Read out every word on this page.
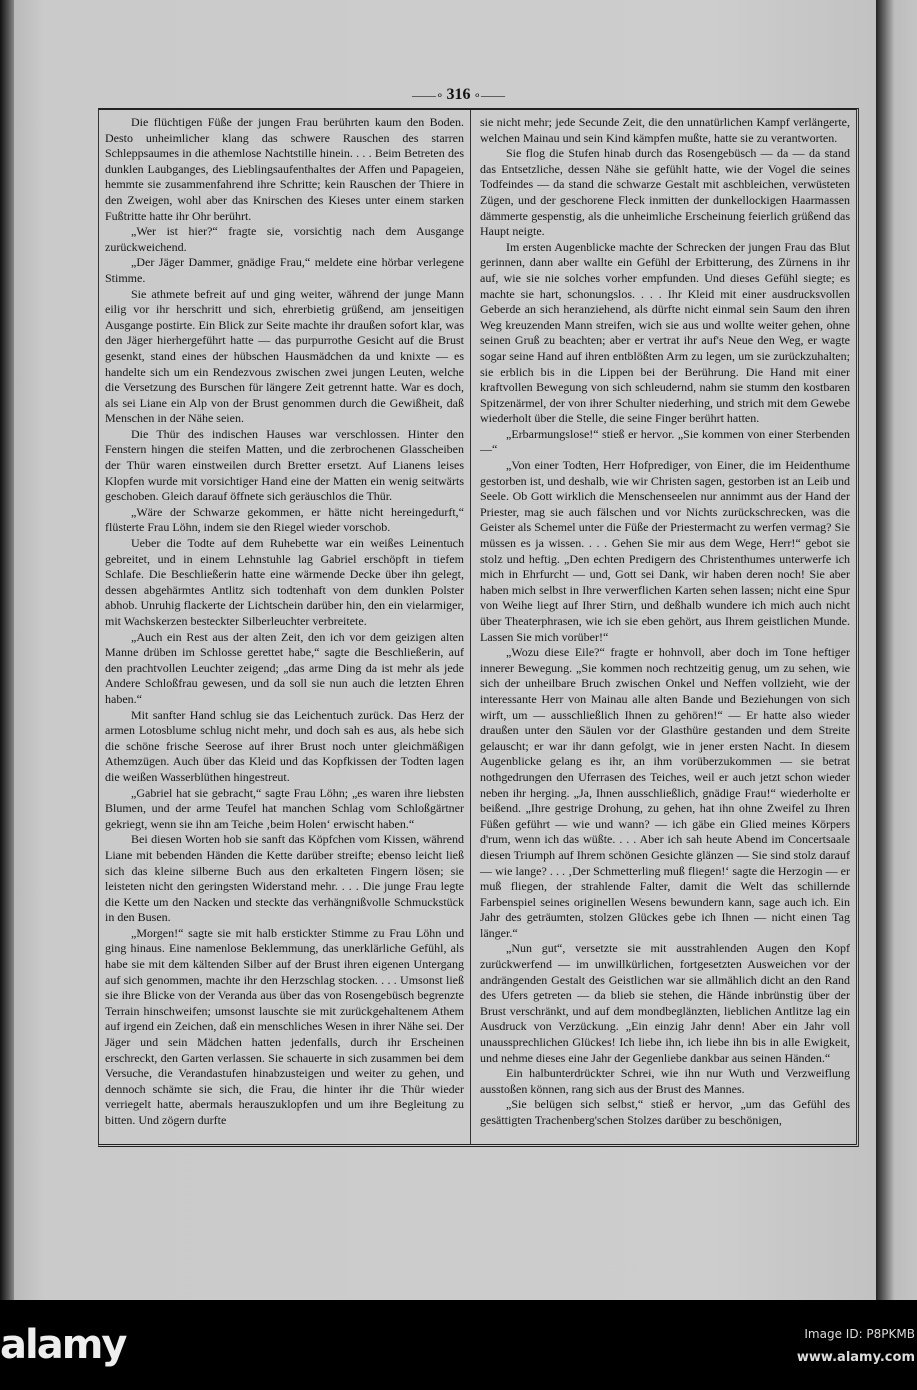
——∘ 316 ∘——

Die flüchtigen Füße der jungen Frau berührten kaum den Boden. Desto unheimlicher klang das schwere Rauschen des starren Schleppsaumes in die athemlose Nachtstille hinein. . . . Beim Betreten des dunklen Laubganges, des Lieblingsaufenthaltes der Affen und Papageien, hemmte sie zusammenfahrend ihre Schritte; kein Rauschen der Thiere in den Zweigen, wohl aber das Knirschen des Kieses unter einem starken Fußtritte hatte ihr Ohr berührt.

„Wer ist hier?“ fragte sie, vorsichtig nach dem Ausgange zurückweichend.

„Der Jäger Dammer, gnädige Frau,“ meldete eine hörbar verlegene Stimme.

Sie athmete befreit auf und ging weiter, während der junge Mann eilig vor ihr herschritt und sich, ehrerbietig grüßend, am jenseitigen Ausgange postirte. Ein Blick zur Seite machte ihr draußen sofort klar, was den Jäger hierhergeführt hatte — das purpurrothe Gesicht auf die Brust gesenkt, stand eines der hübschen Hausmädchen da und knixte — es handelte sich um ein Rendezvous zwischen zwei jungen Leuten, welche die Versetzung des Burschen für längere Zeit getrennt hatte. War es doch, als sei Liane ein Alp von der Brust genommen durch die Gewißheit, daß Menschen in der Nähe seien.

Die Thür des indischen Hauses war verschlossen. Hinter den Fenstern hingen die steifen Matten, und die zerbrochenen Glasscheiben der Thür waren einstweilen durch Bretter ersetzt. Auf Lianens leises Klopfen wurde mit vorsichtiger Hand eine der Matten ein wenig seitwärts geschoben. Gleich darauf öffnete sich geräuschlos die Thür.

„Wäre der Schwarze gekommen, er hätte nicht hereingedurft,“ flüsterte Frau Löhn, indem sie den Riegel wieder vorschob.

Ueber die Todte auf dem Ruhebette war ein weißes Leinentuch gebreitet, und in einem Lehnstuhle lag Gabriel erschöpft in tiefem Schlafe. Die Beschließerin hatte eine wärmende Decke über ihn gelegt, dessen abgehärmtes Antlitz sich todtenhaft von dem dunklen Polster abhob. Unruhig flackerte der Lichtschein darüber hin, den ein vielarmiger, mit Wachskerzen besteckter Silberleuchter verbreitete.

„Auch ein Rest aus der alten Zeit, den ich vor dem geizigen alten Manne drüben im Schlosse gerettet habe,“ sagte die Beschließerin, auf den prachtvollen Leuchter zeigend; „das arme Ding da ist mehr als jede Andere Schloßfrau gewesen, und da soll sie nun auch die letzten Ehren haben.“

Mit sanfter Hand schlug sie das Leichentuch zurück. Das Herz der armen Lotosblume schlug nicht mehr, und doch sah es aus, als hebe sich die schöne frische Seerose auf ihrer Brust noch unter gleichmäßigen Athemzügen. Auch über das Kleid und das Kopfkissen der Todten lagen die weißen Wasserblüthen hingestreut.

„Gabriel hat sie gebracht,“ sagte Frau Löhn; „es waren ihre liebsten Blumen, und der arme Teufel hat manchen Schlag vom Schloßgärtner gekriegt, wenn sie ihn am Teiche ‚beim Holen‘ erwischt haben.“

Bei diesen Worten hob sie sanft das Köpfchen vom Kissen, während Liane mit bebenden Händen die Kette darüber streifte; ebenso leicht ließ sich das kleine silberne Buch aus den erkalteten Fingern lösen; sie leisteten nicht den geringsten Widerstand mehr. . . . Die junge Frau legte die Kette um den Nacken und steckte das verhängnißvolle Schmuckstück in den Busen.

„Morgen!“ sagte sie mit halb erstickter Stimme zu Frau Löhn und ging hinaus. Eine namenlose Beklemmung, das unerklärliche Gefühl, als habe sie mit dem kältenden Silber auf der Brust ihren eigenen Untergang auf sich genommen, machte ihr den Herzschlag stocken. . . . Umsonst ließ sie ihre Blicke von der Veranda aus über das von Rosengebüsch begrenzte Terrain hinschweifen; umsonst lauschte sie mit zurückgehaltenem Athem auf irgend ein Zeichen, daß ein menschliches Wesen in ihrer Nähe sei. Der Jäger und sein Mädchen hatten jedenfalls, durch ihr Erscheinen erschreckt, den Garten verlassen. Sie schauerte in sich zusammen bei dem Versuche, die Verandastufen hinabzusteigen und weiter zu gehen, und dennoch schämte sie sich, die Frau, die hinter ihr die Thür wieder verriegelt hatte, abermals herauszuklopfen und um ihre Begleitung zu bitten. Und zögern durfte

sie nicht mehr; jede Secunde Zeit, die den unnatürlichen Kampf verlängerte, welchen Mainau und sein Kind kämpfen mußte, hatte sie zu verantworten.

Sie flog die Stufen hinab durch das Rosengebüsch — da — da stand das Entsetzliche, dessen Nähe sie gefühlt hatte, wie der Vogel die seines Todfeindes — da stand die schwarze Gestalt mit aschbleichen, verwüsteten Zügen, und der geschorene Fleck inmitten der dunkellockigen Haarmassen dämmerte gespenstig, als die unheimliche Erscheinung feierlich grüßend das Haupt neigte.

Im ersten Augenblicke machte der Schrecken der jungen Frau das Blut gerinnen, dann aber wallte ein Gefühl der Erbitterung, des Zürnens in ihr auf, wie sie nie solches vorher empfunden. Und dieses Gefühl siegte; es machte sie hart, schonungslos. . . . Ihr Kleid mit einer ausdrucksvollen Geberde an sich heranziehend, als dürfte nicht einmal sein Saum den ihren Weg kreuzenden Mann streifen, wich sie aus und wollte weiter gehen, ohne seinen Gruß zu beachten; aber er vertrat ihr auf's Neue den Weg, er wagte sogar seine Hand auf ihren entblößten Arm zu legen, um sie zurückzuhalten; sie erblich bis in die Lippen bei der Berührung. Die Hand mit einer kraftvollen Bewegung von sich schleudernd, nahm sie stumm den kostbaren Spitzenärmel, der von ihrer Schulter niederhing, und strich mit dem Gewebe wiederholt über die Stelle, die seine Finger berührt hatten.

„Erbarmungslose!“ stieß er hervor. „Sie kommen von einer Sterbenden —“

„Von einer Todten, Herr Hofprediger, von Einer, die im Heidenthume gestorben ist, und deshalb, wie wir Christen sagen, gestorben ist an Leib und Seele. Ob Gott wirklich die Menschenseelen nur annimmt aus der Hand der Priester, mag sie auch fälschen und vor Nichts zurückschrecken, was die Geister als Schemel unter die Füße der Priestermacht zu werfen vermag? Sie müssen es ja wissen. . . . Gehen Sie mir aus dem Wege, Herr!“ gebot sie stolz und heftig. „Den echten Predigern des Christenthumes unterwerfe ich mich in Ehrfurcht — und, Gott sei Dank, wir haben deren noch! Sie aber haben mich selbst in Ihre verwerflichen Karten sehen lassen; nicht eine Spur von Weihe liegt auf Ihrer Stirn, und deßhalb wundere ich mich auch nicht über Theaterphrasen, wie ich sie eben gehört, aus Ihrem geistlichen Munde. Lassen Sie mich vorüber!“

„Wozu diese Eile?“ fragte er hohnvoll, aber doch im Tone heftiger innerer Bewegung. „Sie kommen noch rechtzeitig genug, um zu sehen, wie sich der unheilbare Bruch zwischen Onkel und Neffen vollzieht, wie der interessante Herr von Mainau alle alten Bande und Beziehungen von sich wirft, um — ausschließlich Ihnen zu gehören!“ — Er hatte also wieder draußen unter den Säulen vor der Glasthüre gestanden und dem Streite gelauscht; er war ihr dann gefolgt, wie in jener ersten Nacht. In diesem Augenblicke gelang es ihr, an ihm vorüberzukommen — sie betrat nothgedrungen den Uferrasen des Teiches, weil er auch jetzt schon wieder neben ihr herging. „Ja, Ihnen ausschließlich, gnädige Frau!“ wiederholte er beißend. „Ihre gestrige Drohung, zu gehen, hat ihn ohne Zweifel zu Ihren Füßen geführt — wie und wann? — ich gäbe ein Glied meines Körpers d'rum, wenn ich das wüßte. . . . Aber ich sah heute Abend im Concertsaale diesen Triumph auf Ihrem schönen Gesichte glänzen — Sie sind stolz darauf — wie lange? . . . ‚Der Schmetterling muß fliegen!‘ sagte die Herzogin — er muß fliegen, der strahlende Falter, damit die Welt das schillernde Farbenspiel seines originellen Wesens bewundern kann, sage auch ich. Ein Jahr des geträumten, stolzen Glückes gebe ich Ihnen — nicht einen Tag länger.“

„Nun gut“, versetzte sie mit ausstrahlenden Augen den Kopf zurückwerfend — im unwillkürlichen, fortgesetzten Ausweichen vor der andrängenden Gestalt des Geistlichen war sie allmählich dicht an den Rand des Ufers getreten — da blieb sie stehen, die Hände inbrünstig über der Brust verschränkt, und auf dem mondbeglänzten, lieblichen Antlitze lag ein Ausdruck von Verzückung. „Ein einzig Jahr denn! Aber ein Jahr voll unaussprechlichen Glückes! Ich liebe ihn, ich liebe ihn bis in alle Ewigkeit, und nehme dieses eine Jahr der Gegenliebe dankbar aus seinen Händen.“

Ein halbunterdrückter Schrei, wie ihn nur Wuth und Verzweiflung ausstoßen können, rang sich aus der Brust des Mannes.

„Sie belügen sich selbst,“ stieß er hervor, „um das Gefühl des gesättigten Trachenberg'schen Stolzes darüber zu beschönigen,

alamy	Image ID: P8PKMB
www.alamy.com
